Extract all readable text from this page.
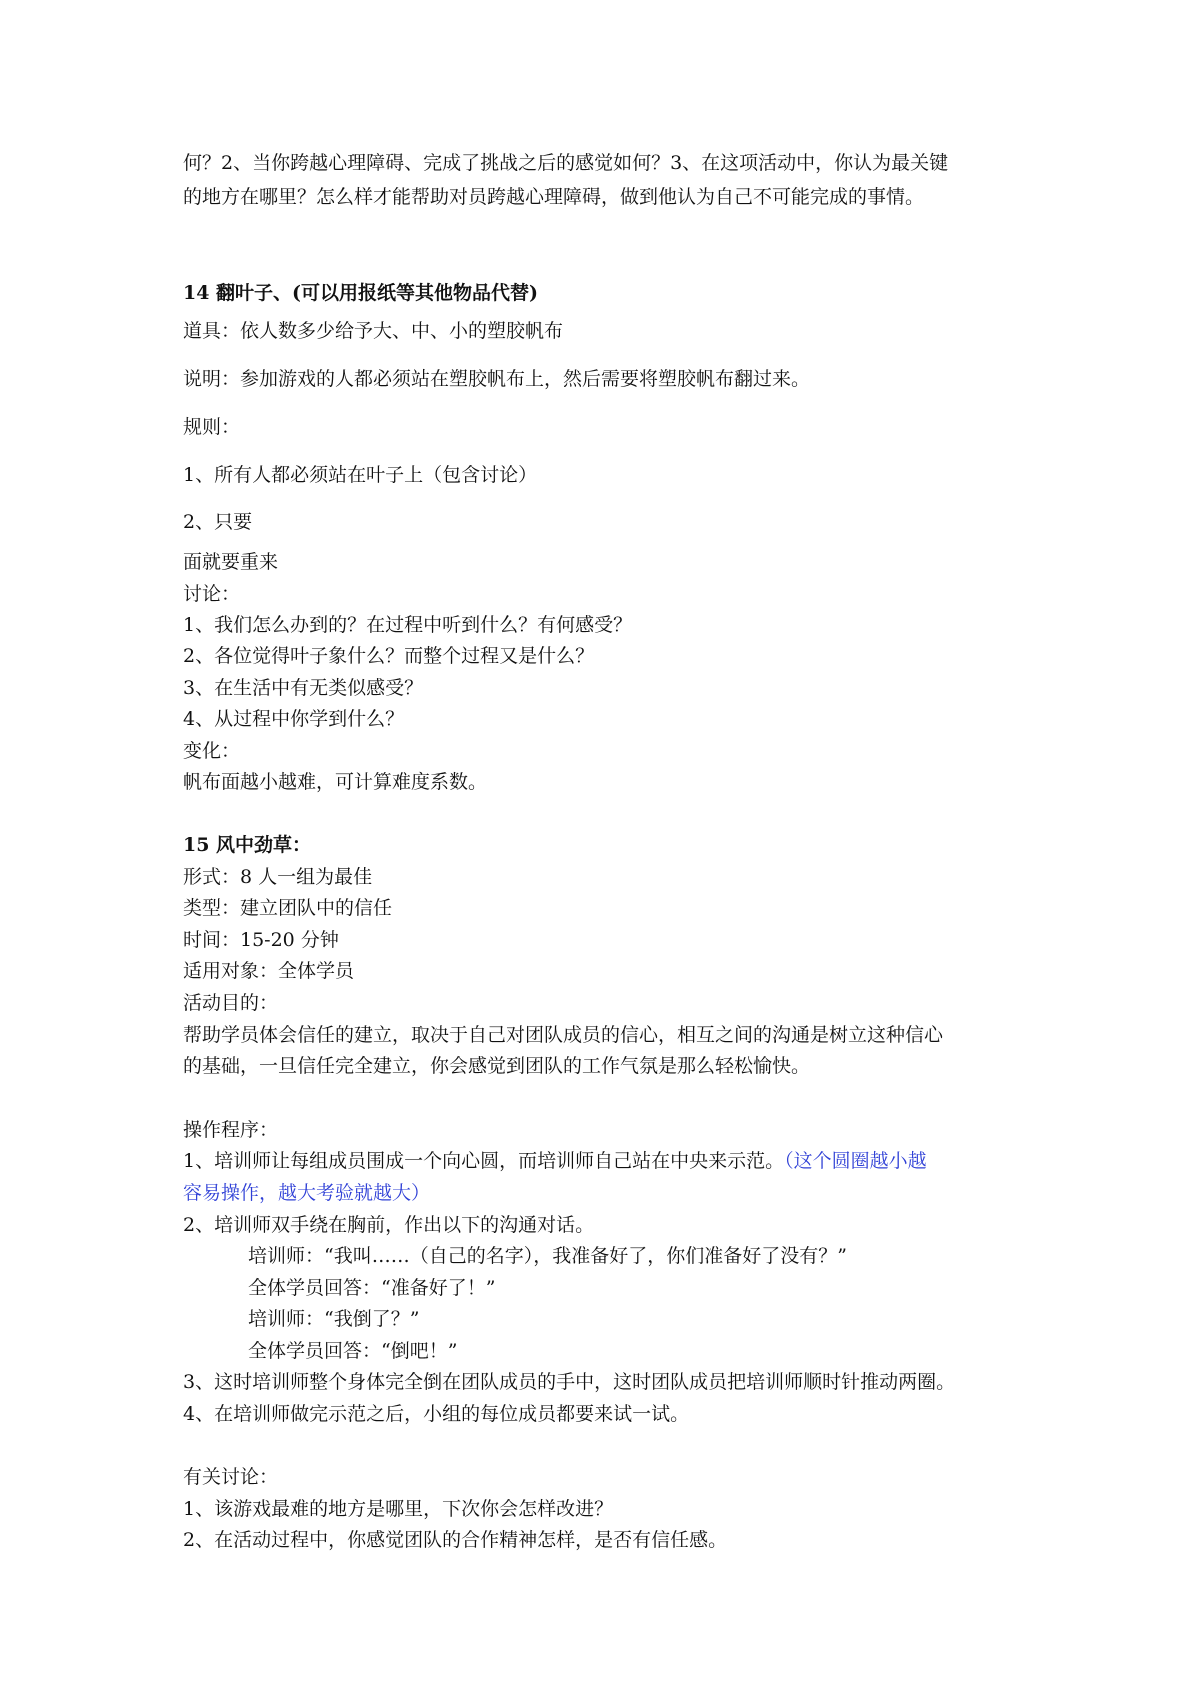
何？2、当你跨越心理障碍、完成了挑战之后的感觉如何？3、在这项活动中，你认为最关键
的地方在哪里？怎么样才能帮助对员跨越心理障碍，做到他认为自己不可能完成的事情。
14 翻叶子、(可以用报纸等其他物品代替)
道具：依人数多少给予大、中、小的塑胶帆布
说明：参加游戏的人都必须站在塑胶帆布上，然后需要将塑胶帆布翻过来。
规则：
1、所有人都必须站在叶子上（包含讨论）
2、只要
面就要重来
讨论：
1、我们怎么办到的？在过程中听到什么？有何感受？
2、各位觉得叶子象什么？而整个过程又是什么？
3、在生活中有无类似感受？
4、从过程中你学到什么？
变化：
帆布面越小越难，可计算难度系数。
15 风中劲草：
形式：8 人一组为最佳
类型：建立团队中的信任
时间：15-20 分钟
适用对象：全体学员
活动目的：
帮助学员体会信任的建立，取决于自己对团队成员的信心，相互之间的沟通是树立这种信心
的基础，一旦信任完全建立，你会感觉到团队的工作气氛是那么轻松愉快。
操作程序：
1、培训师让每组成员围成一个向心圆，而培训师自己站在中央来示范。（这个圆圈越小越
容易操作，越大考验就越大）
2、培训师双手绕在胸前，作出以下的沟通对话。
培训师：“我叫……（自己的名字），我准备好了，你们准备好了没有？”
全体学员回答：“准备好了！”
培训师：“我倒了？”
全体学员回答：“倒吧！”
3、这时培训师整个身体完全倒在团队成员的手中，这时团队成员把培训师顺时针推动两圈。
4、在培训师做完示范之后，小组的每位成员都要来试一试。
有关讨论：
1、该游戏最难的地方是哪里，下次你会怎样改进？
2、在活动过程中，你感觉团队的合作精神怎样，是否有信任感。
